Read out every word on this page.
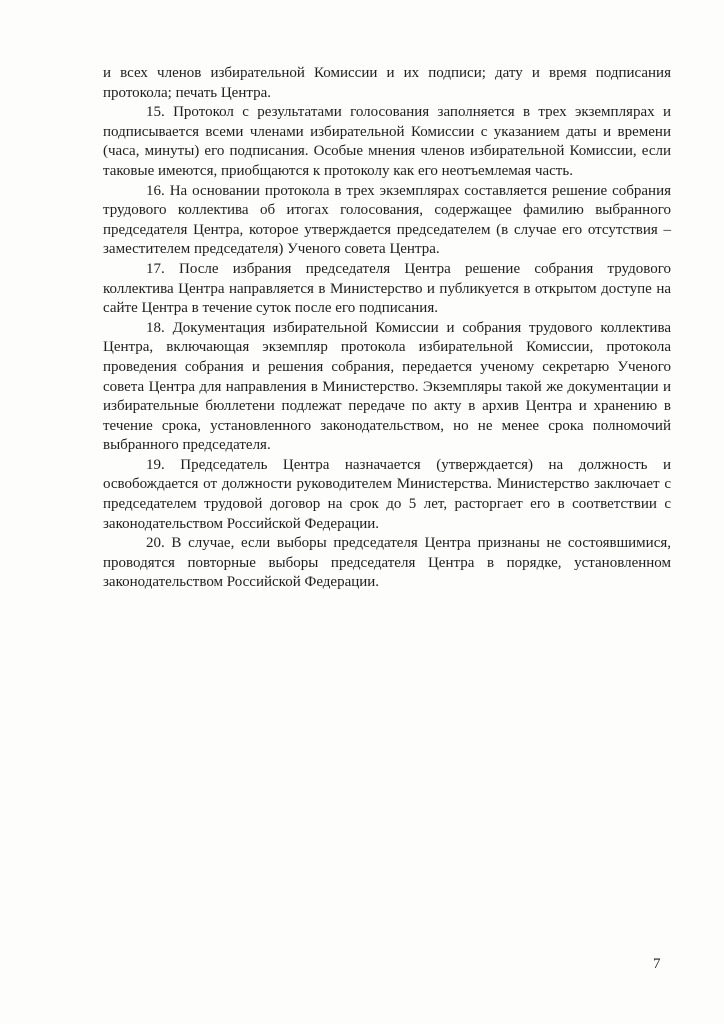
и всех членов избирательной Комиссии и их подписи; дату и время подписания протокола; печать Центра.

15. Протокол с результатами голосования заполняется в трех экземплярах и подписывается всеми членами избирательной Комиссии с указанием даты и времени (часа, минуты) его подписания. Особые мнения членов избирательной Комиссии, если таковые имеются, приобщаются к протоколу как его неотъемлемая часть.

16. На основании протокола в трех экземплярах составляется решение собрания трудового коллектива об итогах голосования, содержащее фамилию выбранного председателя Центра, которое утверждается председателем (в случае его отсутствия – заместителем председателя) Ученого совета Центра.

17. После избрания председателя Центра решение собрания трудового коллектива Центра направляется в Министерство и публикуется в открытом доступе на сайте Центра в течение суток после его подписания.

18. Документация избирательной Комиссии и собрания трудового коллектива Центра, включающая экземпляр протокола избирательной Комиссии, протокола проведения собрания и решения собрания, передается ученому секретарю Ученого совета Центра для направления в Министерство. Экземпляры такой же документации и избирательные бюллетени подлежат передаче по акту в архив Центра и хранению в течение срока, установленного законодательством, но не менее срока полномочий выбранного председателя.

19. Председатель Центра назначается (утверждается) на должность и освобождается от должности руководителем Министерства. Министерство заключает с председателем трудовой договор на срок до 5 лет, расторгает его в соответствии с законодательством Российской Федерации.

20. В случае, если выборы председателя Центра признаны не состоявшимися, проводятся повторные выборы председателя Центра в порядке, установленном законодательством Российской Федерации.

7
